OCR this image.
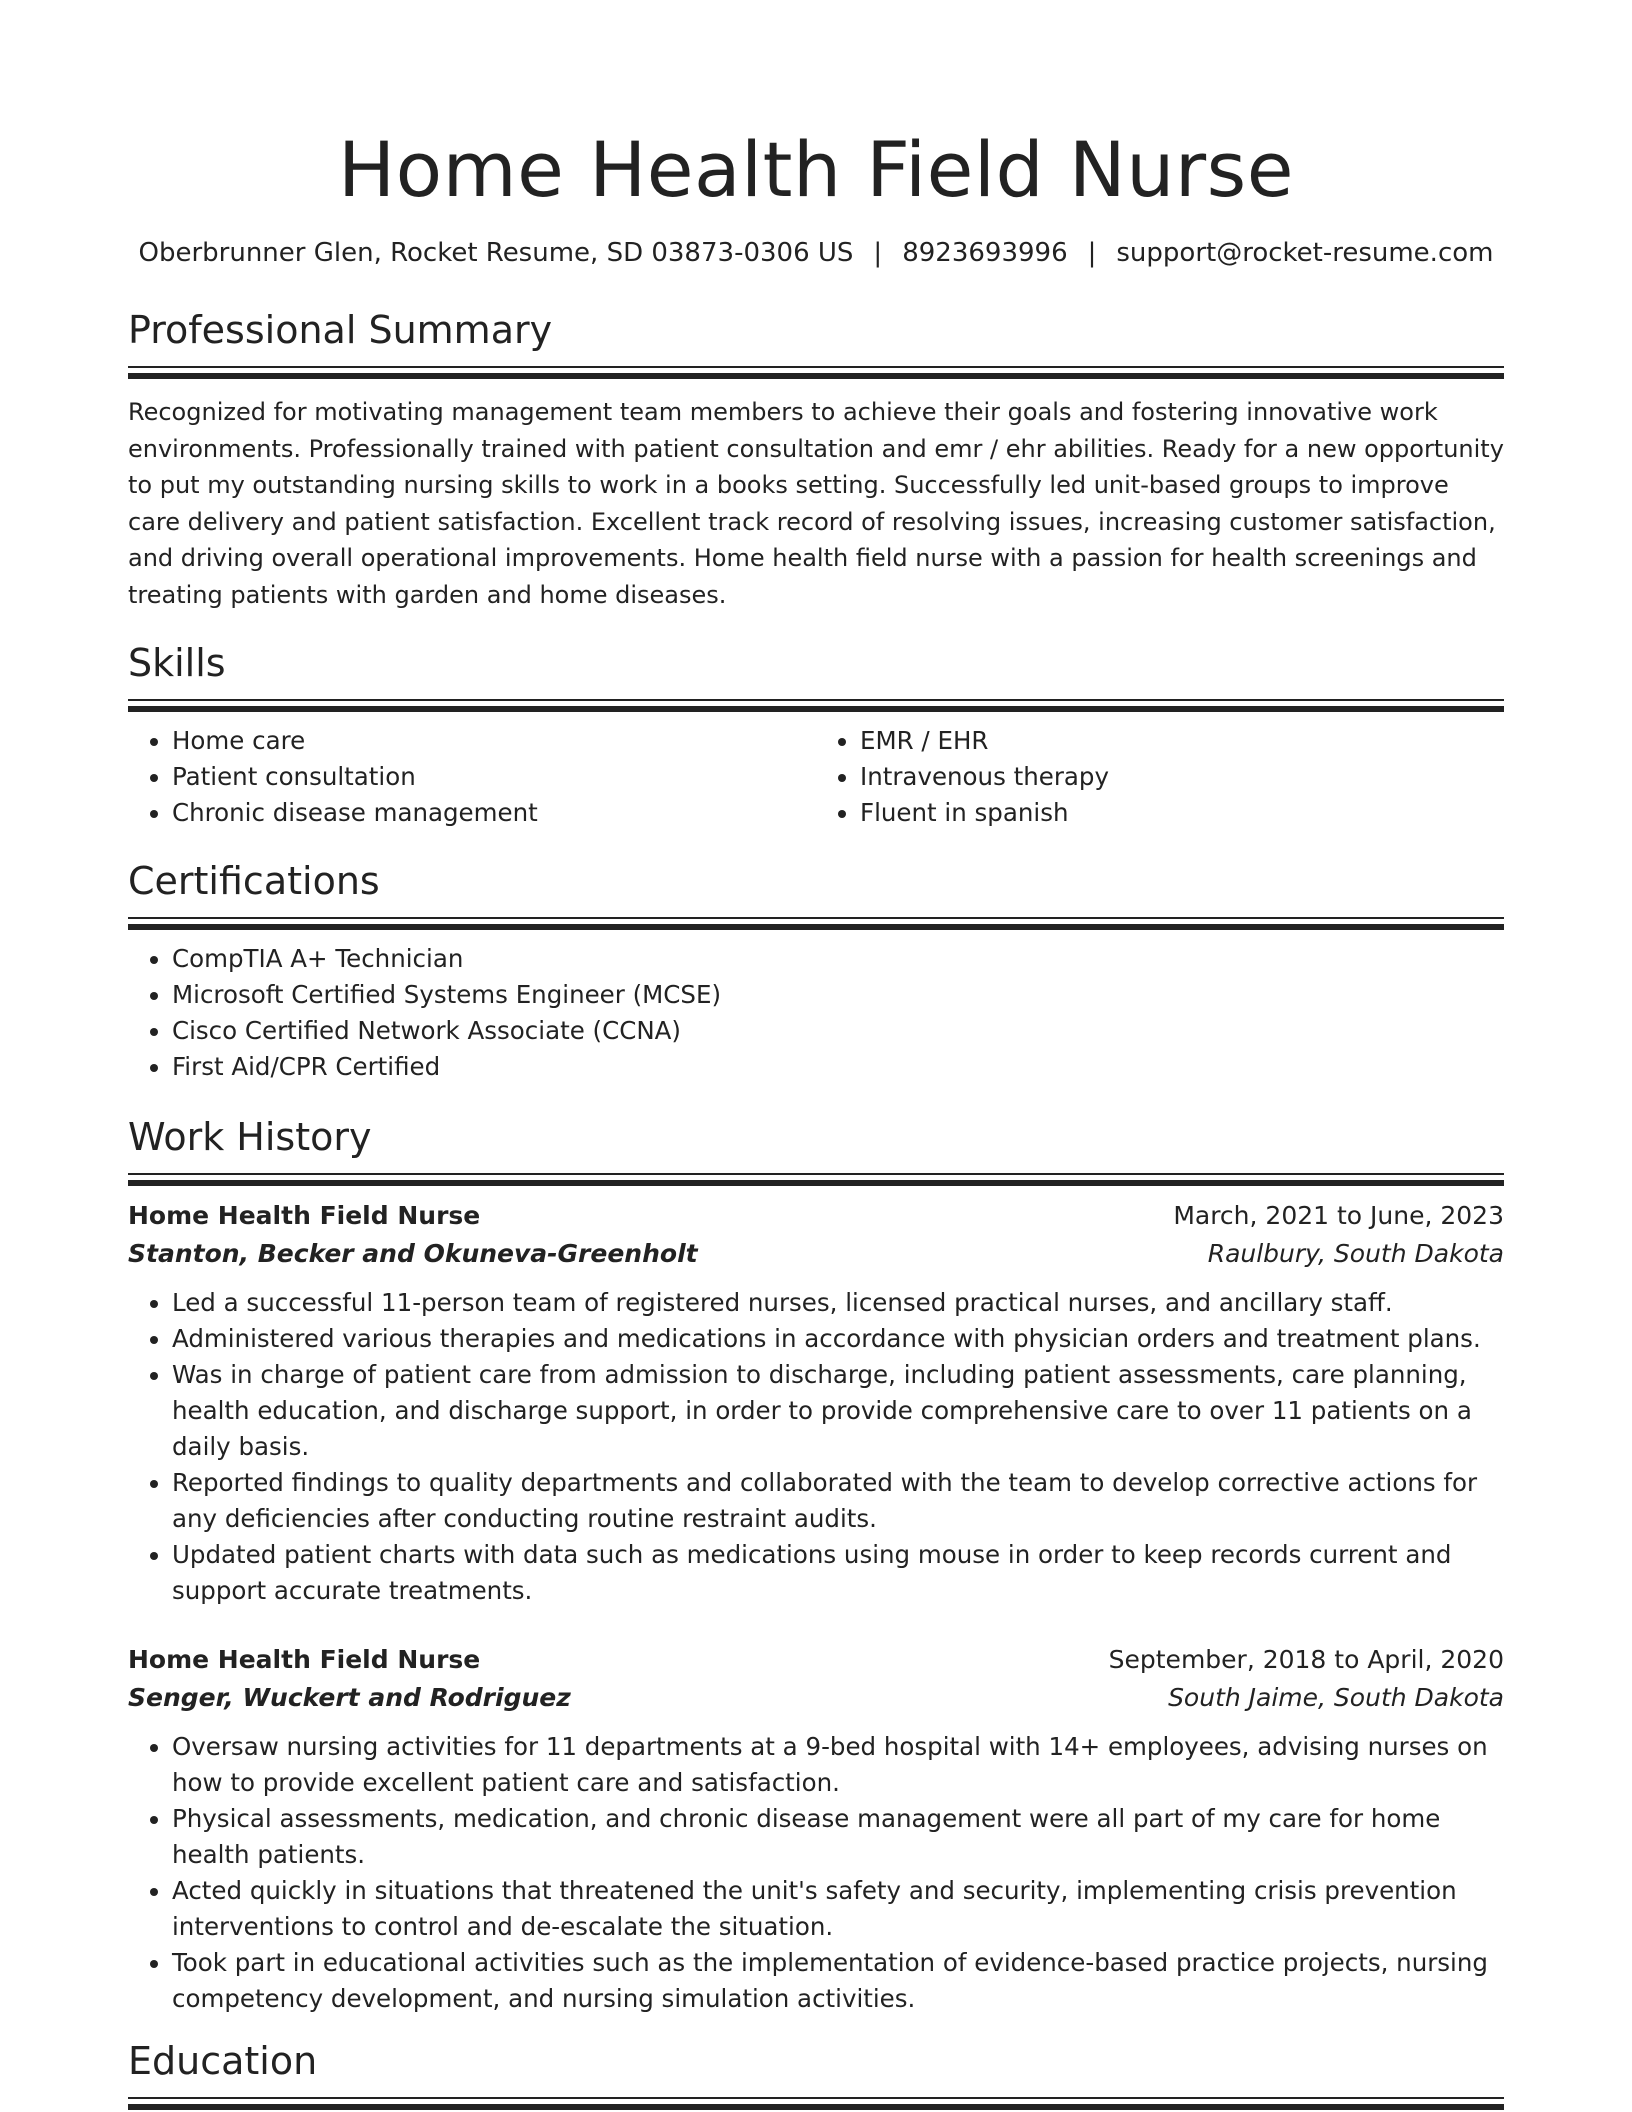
Home Health Field Nurse
Oberbrunner Glen, Rocket Resume, SD 03873-0306 US | 8923693996 | support@rocket-resume.com
Professional Summary

Recognized for motivating management team members to achieve their goals and fostering innovative work environments. Professionally trained with patient consultation and emr / ehr abilities. Ready for a new opportunity to put my outstanding nursing skills to work in a books setting. Successfully led unit-based groups to improve care delivery and patient satisfaction. Excellent track record of resolving issues, increasing customer satisfaction, and driving overall operational improvements. Home health field nurse with a passion for health screenings and treating patients with garden and home diseases.

Skills
• Home care
• Patient consultation
• Chronic disease management
• EMR / EHR
• Intravenous therapy
• Fluent in spanish
Certifications
• CompTIA A+ Technician
• Microsoft Certified Systems Engineer (MCSE)
• Cisco Certified Network Associate (CCNA)
• First Aid/CPR Certified
Work History
Home Health Field Nurse	March, 2021 to June, 2023
Stanton, Becker and Okuneva-Greenholt	Raulbury, South Dakota
• Led a successful 11-person team of registered nurses, licensed practical nurses, and ancillary staff.
• Administered various therapies and medications in accordance with physician orders and treatment plans.
• Was in charge of patient care from admission to discharge, including patient assessments, care planning, health education, and discharge support, in order to provide comprehensive care to over 11 patients on a daily basis.
• Reported findings to quality departments and collaborated with the team to develop corrective actions for any deficiencies after conducting routine restraint audits.
• Updated patient charts with data such as medications using mouse in order to keep records current and support accurate treatments.
Home Health Field Nurse	September, 2018 to April, 2020
Senger, Wuckert and Rodriguez	South Jaime, South Dakota
• Oversaw nursing activities for 11 departments at a 9-bed hospital with 14+ employees, advising nurses on how to provide excellent patient care and satisfaction.
• Physical assessments, medication, and chronic disease management were all part of my care for home health patients.
• Acted quickly in situations that threatened the unit's safety and security, implementing crisis prevention interventions to control and de-escalate the situation.
• Took part in educational activities such as the implementation of evidence-based practice projects, nursing competency development, and nursing simulation activities.
Education
